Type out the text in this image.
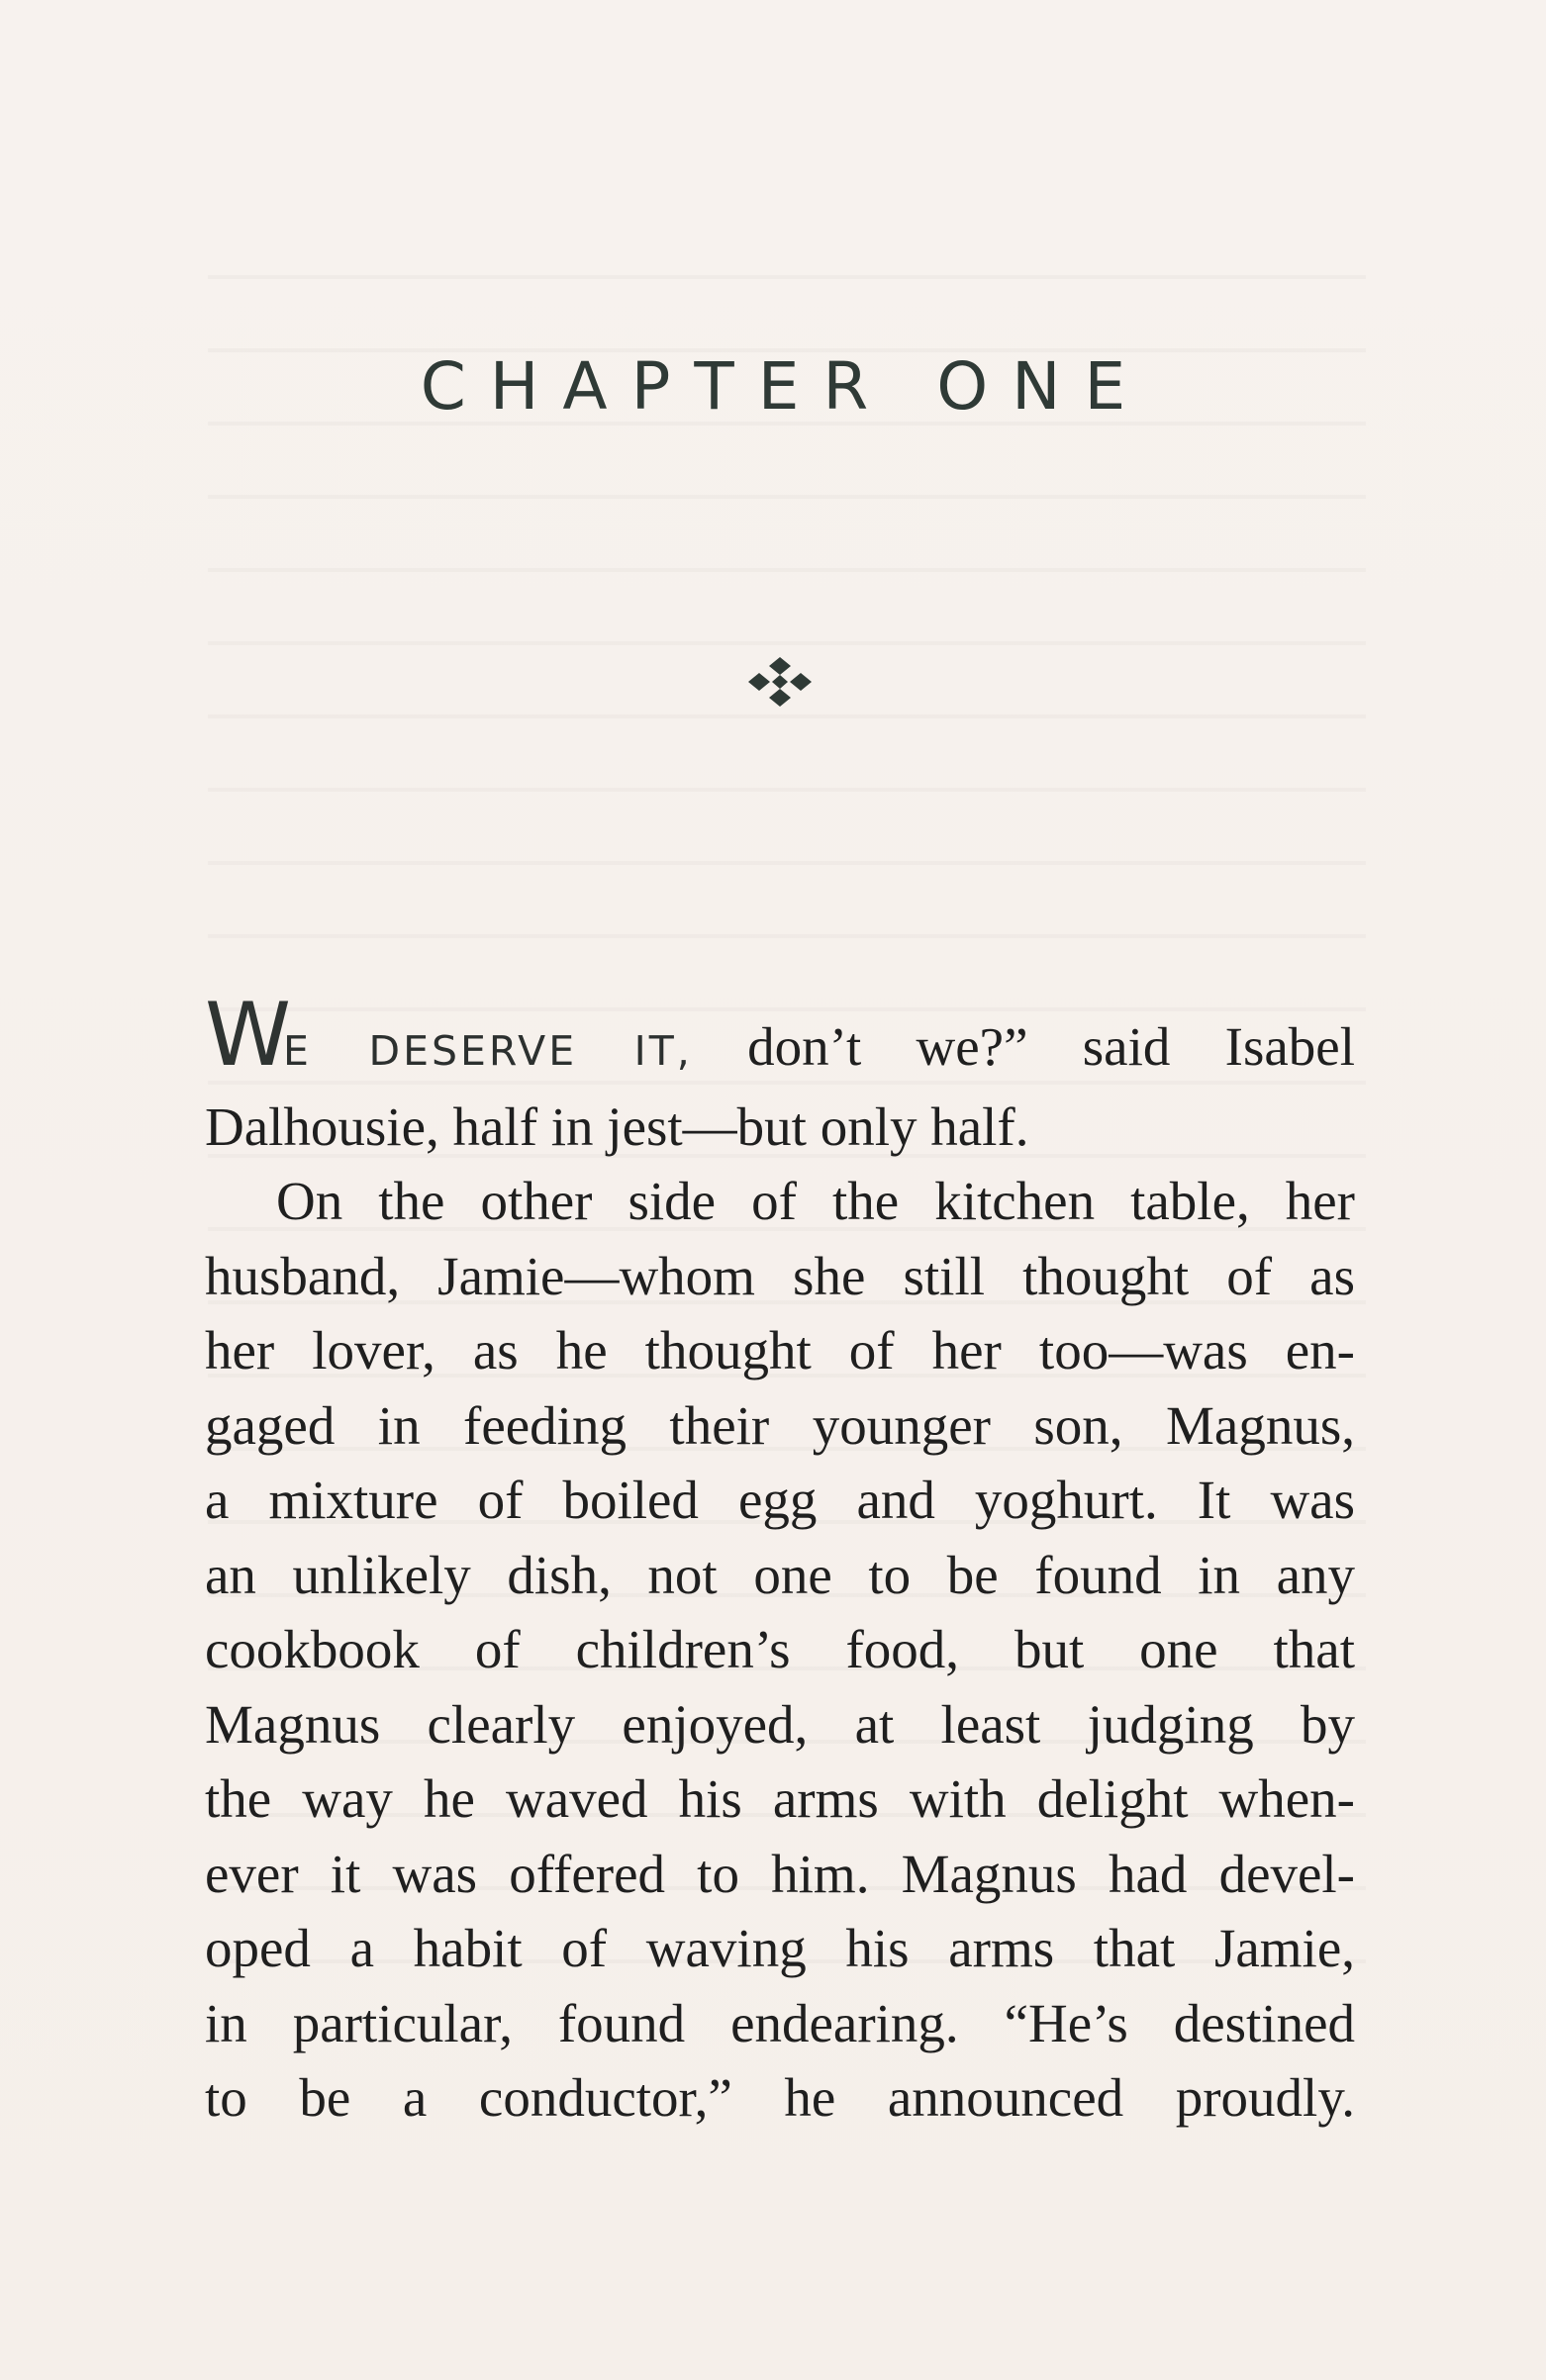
CHAPTER ONE

WE DESERVE IT, don’t we?” said Isabel
Dalhousie, half in jest—but only half.

On the other side of the kitchen table, her
husband, Jamie—whom she still thought of as
her lover, as he thought of her too—was en-
gaged in feeding their younger son, Magnus,
a mixture of boiled egg and yoghurt. It was
an unlikely dish, not one to be found in any
cookbook of children’s food, but one that
Magnus clearly enjoyed, at least judging by
the way he waved his arms with delight when-
ever it was offered to him. Magnus had devel-
oped a habit of waving his arms that Jamie,
in particular, found endearing. “He’s destined
to be a conductor,” he announced proudly.
